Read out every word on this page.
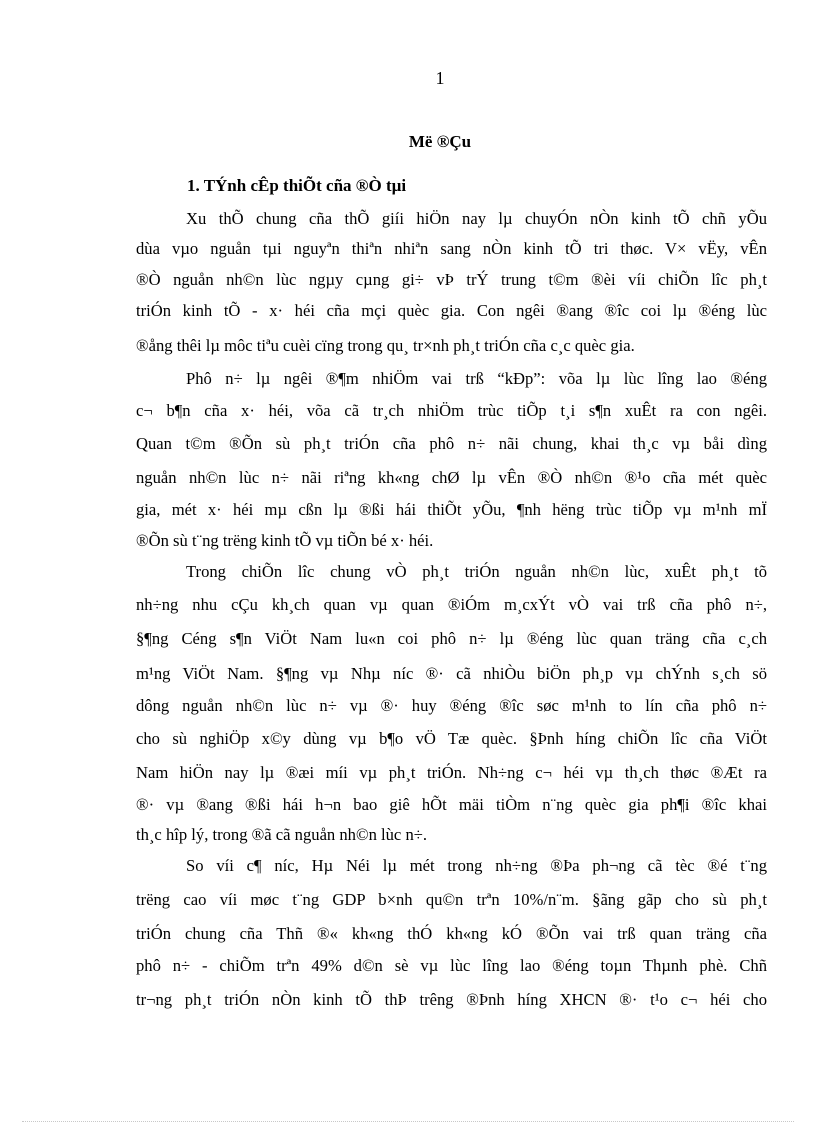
1
Më ®Çu
1. TÝnh cÊp thiÕt cña ®Ò tµi
Xu thÕ chung cña thÕ giíi hiÖn nay lµ chuyÓn nÒn kinh tÕ chñ yÕu
dùa vµo nguån tµi nguyªn thiªn nhiªn sang nÒn kinh tÕ tri thøc. V× vËy, vÊn
®Ò nguån nh©n lùc ngµy cµng gi÷ vÞ trÝ trung t©m ®èi víi chiÕn lîc ph¸t
triÓn kinh tÕ - x· héi cña mçi quèc gia. Con ngêi ®ang ®îc coi lµ ®éng lùc
®ång thêi lµ môc tiªu cuèi cïng trong qu¸ tr×nh ph¸t triÓn cña c¸c quèc gia.
Phô n÷ lµ ngêi ®¶m nhiÖm vai trß “kÐp”: võa lµ lùc lîng lao ®éng
c¬ b¶n cña x· héi, võa cã tr¸ch nhiÖm trùc tiÕp t¸i s¶n xuÊt ra con ngêi.
Quan t©m ®Õn sù ph¸t triÓn cña phô n÷ nãi chung, khai th¸c vµ båi dìng
nguån nh©n lùc n÷ nãi riªng kh«ng chØ lµ vÊn ®Ò nh©n ®¹o cña mét quèc
gia, mét x· héi mµ cßn lµ ®ßi hái thiÕt yÕu, ¶nh hëng trùc tiÕp vµ m¹nh mÏ
®Õn sù t¨ng trëng kinh tÕ vµ tiÕn bé x· héi.
Trong chiÕn lîc chung vÒ ph¸t triÓn nguån nh©n lùc, xuÊt ph¸t tõ
nh÷ng nhu cÇu kh¸ch quan vµ quan ®iÓm m¸cxÝt vÒ vai trß cña phô n÷,
§¶ng Céng s¶n ViÖt Nam lu«n coi phô n÷ lµ ®éng lùc quan träng cña c¸ch
m¹ng ViÖt Nam. §¶ng vµ Nhµ níc ®· cã nhiÒu biÖn ph¸p vµ chÝnh s¸ch sö
dông nguån nh©n lùc n÷ vµ ®· huy ®éng ®îc søc m¹nh to lín cña phô n÷
cho sù nghiÖp x©y dùng vµ b¶o vÖ Tæ quèc. §Þnh híng chiÕn lîc cña ViÖt
Nam hiÖn nay lµ ®æi míi vµ ph¸t triÓn. Nh÷ng c¬ héi vµ th¸ch thøc ®Æt ra
®· vµ ®ang ®ßi hái h¬n bao giê hÕt mäi tiÒm n¨ng quèc gia ph¶i ®îc khai
th¸c hîp lý, trong ®ã cã nguån nh©n lùc n÷.
So víi c¶ níc, Hµ Néi lµ mét trong nh÷ng ®Þa ph¬ng cã tèc ®é t¨ng
trëng cao víi møc t¨ng GDP b×nh qu©n trªn 10%/n¨m. §ãng gãp cho sù ph¸t
triÓn chung cña Thñ ®« kh«ng thÓ kh«ng kÓ ®Õn vai trß quan träng cña
phô n÷ - chiÕm trªn 49% d©n sè vµ lùc lîng lao ®éng toµn Thµnh phè. Chñ
tr¬ng ph¸t triÓn nÒn kinh tÕ thÞ trêng ®Þnh híng XHCN ®· t¹o c¬ héi cho
